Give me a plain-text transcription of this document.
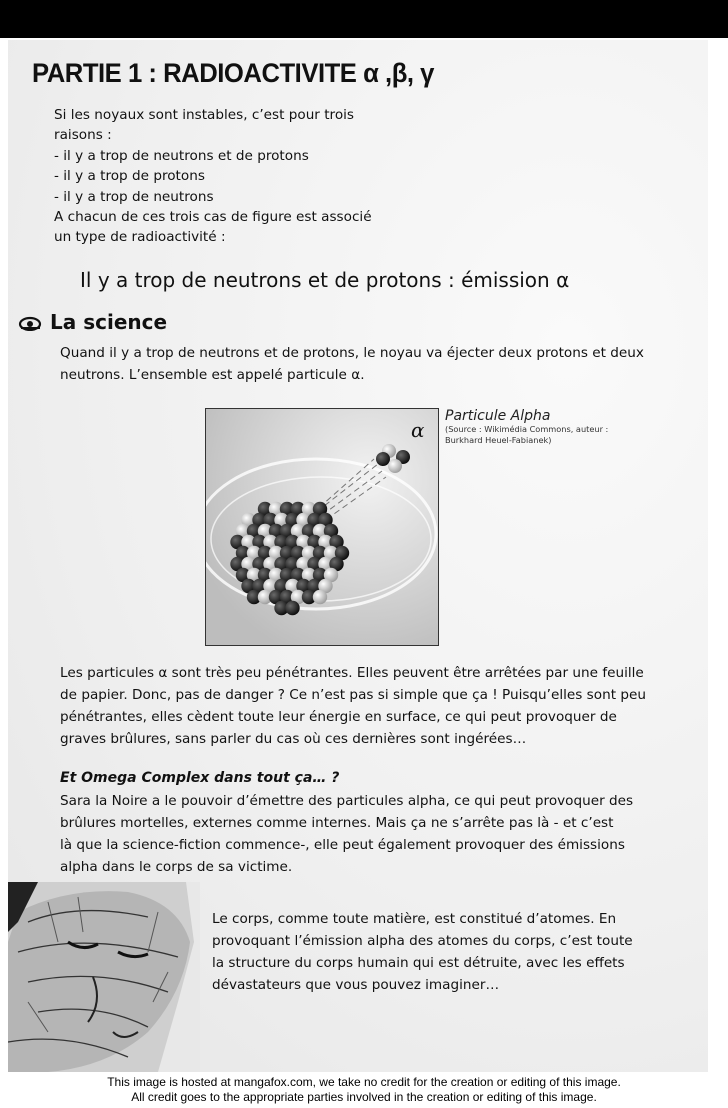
PARTIE 1 : RADIOACTIVITE α ,β, γ
Si les noyaux sont instables, c’est pour trois
raisons :
- il y a trop de neutrons et de protons
- il y a trop de protons
- il y a trop de neutrons
A chacun de ces trois cas de figure est associé
un type de radioactivité :
Il y a trop de neutrons et de protons : émission α
La science
Quand il y a trop de neutrons et de protons, le noyau va éjecter deux protons et deux
neutrons. L’ensemble est appelé particule α.
α
Particule Alpha
(Source : Wikimédia Commons, auteur :
Burkhard Heuel-Fabianek)
Les particules α sont très peu pénétrantes. Elles peuvent être arrêtées par une feuille
de papier. Donc, pas de danger ? Ce n’est pas si simple que ça ! Puisqu’elles sont peu
pénétrantes, elles cèdent toute leur énergie en surface, ce qui peut provoquer de
graves brûlures, sans parler du cas où ces dernières sont ingérées…
Et Omega Complex dans tout ça… ?
Sara la Noire a le pouvoir d’émettre des particules alpha, ce qui peut provoquer des
brûlures mortelles, externes comme internes. Mais ça ne s’arrête pas là - et c’est
là que la science-fiction commence-, elle peut également provoquer des émissions
alpha dans le corps de sa victime.
Le corps, comme toute matière, est constitué d’atomes. En
provoquant l’émission alpha des atomes du corps, c’est toute
la structure du corps humain qui est détruite, avec les effets
dévastateurs que vous pouvez imaginer…
This image is hosted at mangafox.com, we take no credit for the creation or editing of this image.
All credit goes to the appropriate parties involved in the creation or editing of this image.
